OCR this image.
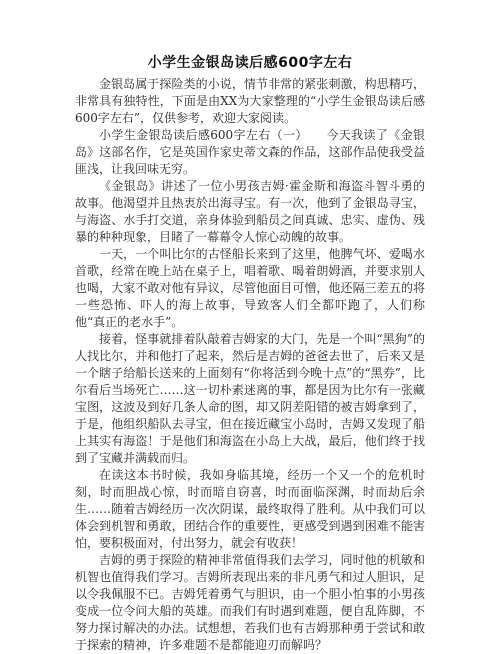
小学生金银岛读后感600字左右

金银岛属于探险类的小说，情节非常的紧张刺激，构思精巧，非常具有独特性，下面是由XX为大家整理的“小学生金银岛读后感600字左右”，仅供参考，欢迎大家阅读。

小学生金银岛读后感600字左右（一）　　今天我读了《金银岛》这部名作，它是英国作家史蒂文森的作品，这部作品使我受益匪浅，让我回味无穷。

《金银岛》讲述了一位小男孩吉姆·霍金斯和海盗斗智斗勇的故事。他渴望并且热衷於出海寻宝。有一次，他到了金银岛寻宝，与海盗、水手打交道，亲身体验到船员之间真诚、忠实、虚伪、残暴的种种现象，目睹了一幕幕令人惊心动魄的故事。

一天，一个叫比尔的古怪船长来到了这里，他脾气坏、爱喝水首歌，经常在晚上站在桌子上，唱着歌、喝着朗姆酒，并要求别人也喝，大家不敢对他有异议，尽管他面目可憎，他还隔三差五的将一些恐怖、吓人的海上故事，导致客人们全都吓跑了，人们称他“真正的老水手”。

接着，怪事就排着队敲着吉姆家的大门，先是一个叫“黑狗”的人找比尔，并和他打了起来，然后是吉姆的爸爸去世了，后来又是一个瞎子给船长送来的上面刻有“你将活到今晚十点”的“黑券”，比尔看后当场死亡……这一切朴素迷离的事，都是因为比尔有一张藏宝图，这波及到好几条人命的图，却又阴差阳错的被吉姆拿到了，于是，他组织船队去寻宝，但在接近藏宝小岛时，吉姆又发现了船上其实有海盗！于是他们和海盗在小岛上大战，最后，他们终于找到了宝藏并满载而归。

在读这本书时候，我如身临其境，经历一个又一个的危机时刻，时而胆战心惊，时而暗自窃喜，时而面临深渊，时而劫后余生……随着吉姆经历一次次阴谋，最终取得了胜利。从中我们可以体会到机智和勇敢，团结合作的重要性，更感受到遇到困难不能害怕，要积极面对，付出努力，就会有收获！

吉姆的勇于探险的精神非常值得我们去学习，同时他的机敏和机智也值得我们学习。吉姆所表现出来的非凡勇气和过人胆识，足以令我佩服不已。吉姆凭着勇气与胆识，由一个胆小怕事的小男孩变成一位令问大船的英雄。而我们有时遇到难题，便自乱阵脚，不努力探讨解决的办法。试想想，若我们也有吉姆那种勇于尝试和敢于探索的精神，许多难题不是都能迎刃而解吗？
